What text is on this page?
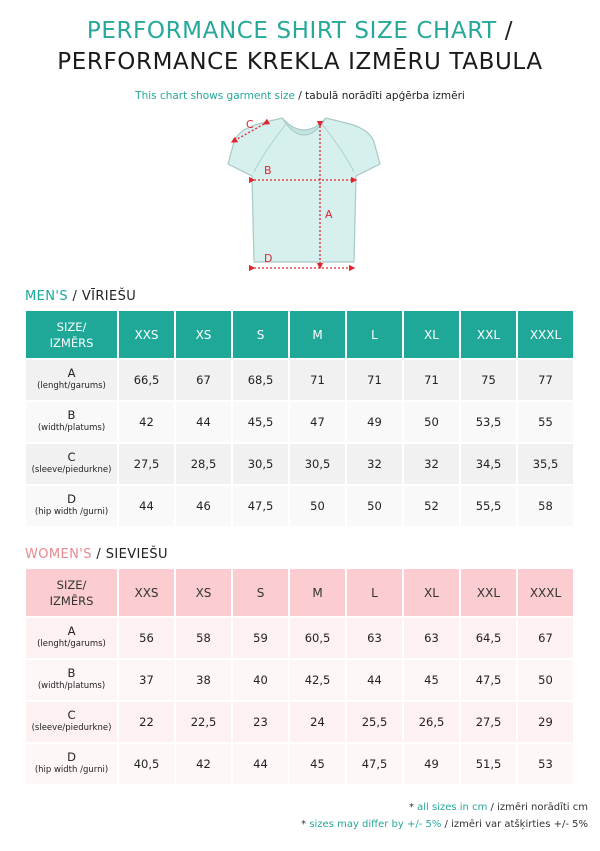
PERFORMANCE SHIRT SIZE CHART /
PERFORMANCE KREKLA IZMĒRU TABULA
This chart shows garment size / tabulā norādīti apģērba izmēri
C
B
A
D
MEN'S / VĪRIEŠU
SIZE/
IZMĒRS	XXS	XS	S	M	L	XL	XXL	XXXL

A
(lenght/garums)	66,5	67	68,5	71	71	71	75	77

B
(width/platums)	42	44	45,5	47	49	50	53,5	55

C
(sleeve/piedurkne)	27,5	28,5	30,5	30,5	32	32	34,5	35,5

D
(hip width /gurni)	44	46	47,5	50	50	52	55,5	58
WOMEN'S / SIEVIEŠU
SIZE/
IZMĒRS	XXS	XS	S	M	L	XL	XXL	XXXL

A
(lenght/garums)	56	58	59	60,5	63	63	64,5	67

B
(width/platums)	37	38	40	42,5	44	45	47,5	50

C
(sleeve/piedurkne)	22	22,5	23	24	25,5	26,5	27,5	29

D
(hip width /gurni)	40,5	42	44	45	47,5	49	51,5	53
* all sizes in cm / izmēri norādīti cm
* sizes may differ by +/- 5% / izmēri var atšķirties +/- 5%
